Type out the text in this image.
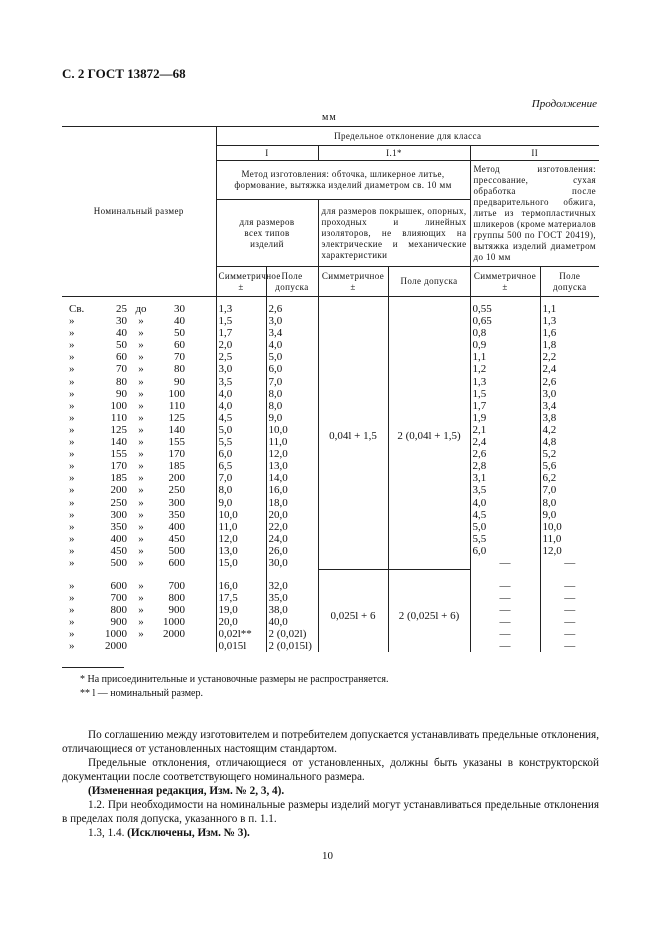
С. 2 ГОСТ 13872—68
Продолжение
мм
Номинальный размер	Предельное отклонение для класса					
	I		I.1*		II	
	Метод изготовления: обточка, шликерное литье, формование, вытяжка изделий диаметром св. 10 мм				Метод изготовления: прессование, сухая обработка после предварительного обжига, литье из термопластичных шликеров (кроме материалов группы 500 по ГОСТ 20419), вытяжка изделий диаметром до 10 мм	
	для размеров всех типов изделий		для размеров покрышек, опорных, проходных и линейных изоляторов, не влияющих на электрические и механические характеристики			
	Симметричное ±	Поле допуска	Симметричное ±	Поле допуска	Симметричное ±	Поле допуска

Св. 25 до 30	1,3	2,6	0,04l + 1,5	2 (0,04l + 1,5)	0,55	1,1
» 30 » 40	1,5	3,0			0,65	1,3
» 40 » 50	1,7	3,4			0,8	1,6
» 50 » 60	2,0	4,0			0,9	1,8
» 60 » 70	2,5	5,0			1,1	2,2
» 70 » 80	3,0	6,0			1,2	2,4
» 80 » 90	3,5	7,0			1,3	2,6
» 90 » 100	4,0	8,0			1,5	3,0
» 100 » 110	4,0	8,0			1,7	3,4
» 110 » 125	4,5	9,0			1,9	3,8
» 125 » 140	5,0	10,0			2,1	4,2
» 140 » 155	5,5	11,0			2,4	4,8
» 155 » 170	6,0	12,0			2,6	5,2
» 170 » 185	6,5	13,0			2,8	5,6
» 185 » 200	7,0	14,0			3,1	6,2
» 200 » 250	8,0	16,0			3,5	7,0
» 250 » 300	9,0	18,0			4,0	8,0
» 300 » 350	10,0	20,0			4,5	9,0
» 350 » 400	11,0	22,0			5,0	10,0
» 400 » 450	12,0	24,0			5,5	11,0
» 450 » 500	13,0	26,0			6,0	12,0
» 500 » 600	15,0	30,0			—	—

» 600 » 700	16,0	32,0	0,025l + 6	2 (0,025l + 6)	—	—
» 700 » 800	17,5	35,0			—	—
» 800 » 900	19,0	38,0			—	—
» 900 » 1000	20,0	40,0			—	—
» 1000 » 2000	0,02l**	2 (0,02l)			—	—
» 2000	0,015l	2 (0,015l)			—	—
* На присоединительные и установочные размеры не распространяется.
** l — номинальный размер.

По соглашению между изготовителем и потребителем допускается устанавливать предельные отклонения, отличающиеся от установленных настоящим стандартом.

Предельные отклонения, отличающиеся от установленных, должны быть указаны в конструкторской документации после соответствующего номинального размера.

(Измененная редакция, Изм. № 2, 3, 4).

1.2. При необходимости на номинальные размеры изделий могут устанавливаться предельные отклонения в пределах поля допуска, указанного в п. 1.1.

1.3, 1.4. (Исключены, Изм. № 3).

10
